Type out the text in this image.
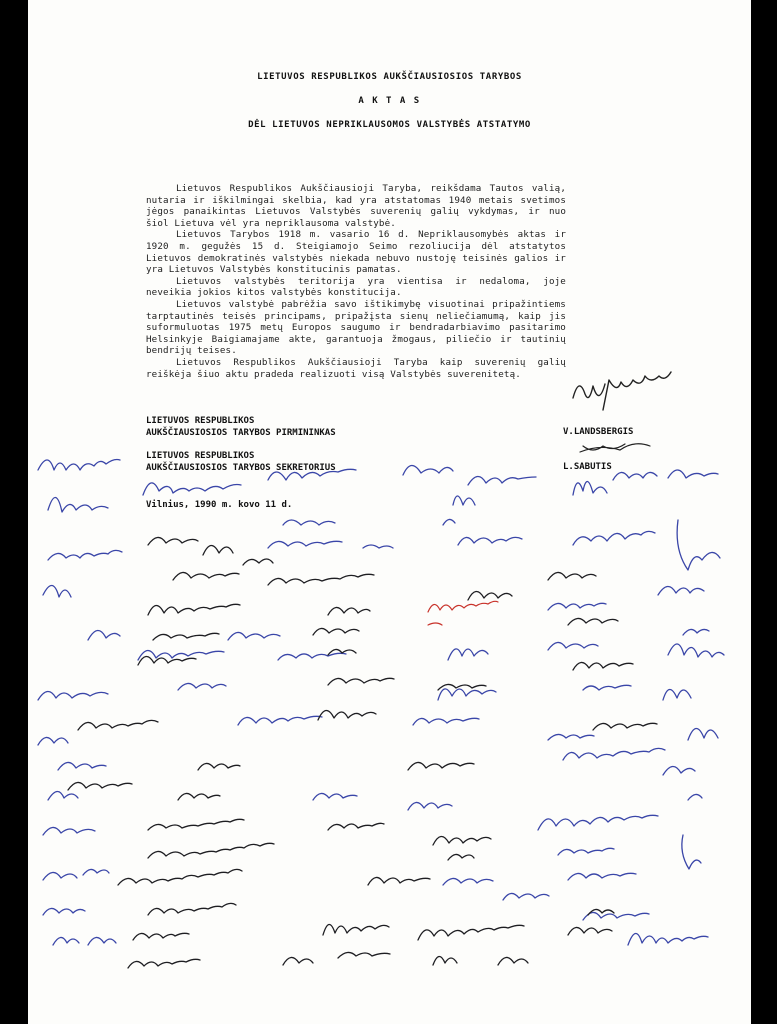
LIETUVOS RESPUBLIKOS AUKŠČIAUSIOSIOS TARYBOS
A K T A S
DĖL LIETUVOS NEPRIKLAUSOMOS VALSTYBĖS ATSTATYMO

Lietuvos Respublikos Aukščiausioji Taryba, reikšdama Tautos valią, nutaria ir iškilmingai skelbia, kad yra atstatomas 1940 metais svetimos jėgos panaikintas Lietuvos Valstybės suverenių galių vykdymas, ir nuo šiol Lietuva vėl yra nepriklausoma valstybė.

Lietuvos Tarybos 1918 m. vasario 16 d. Nepriklausomybės aktas ir 1920 m. gegužės 15 d. Steigiamojo Seimo rezoliucija dėl atstatytos Lietuvos demokratinės valstybės niekada nebuvo nustoję teisinės galios ir yra Lietuvos Valstybės konstitucinis pamatas.

Lietuvos valstybės teritorija yra vientisa ir nedaloma, joje neveikia jokios kitos valstybės konstitucija.

Lietuvos valstybė pabrėžia savo ištikimybę visuotinai pripažintiems tarptautinės teisės principams, pripažįsta sienų neliečiamumą, kaip jis suformuluotas 1975 metų Europos saugumo ir bendradarbiavimo pasitarimo Helsinkyje Baigiamajame akte, garantuoja žmogaus, piliečio ir tautinių bendrijų teises.

Lietuvos Respublikos Aukščiausioji Taryba kaip suverenių galių reiškėja šiuo aktu pradeda realizuoti visą Valstybės suverenitetą.

LIETUVOS RESPUBLIKOS
AUKŠČIAUSIOSIOS TARYBOS PIRMININKAS	V.LANDSBERGIS
LIETUVOS RESPUBLIKOS
AUKŠČIAUSIOSIOS TARYBOS SEKRETORIUS	L.SABUTIS
Vilnius, 1990 m. kovo 11 d.
